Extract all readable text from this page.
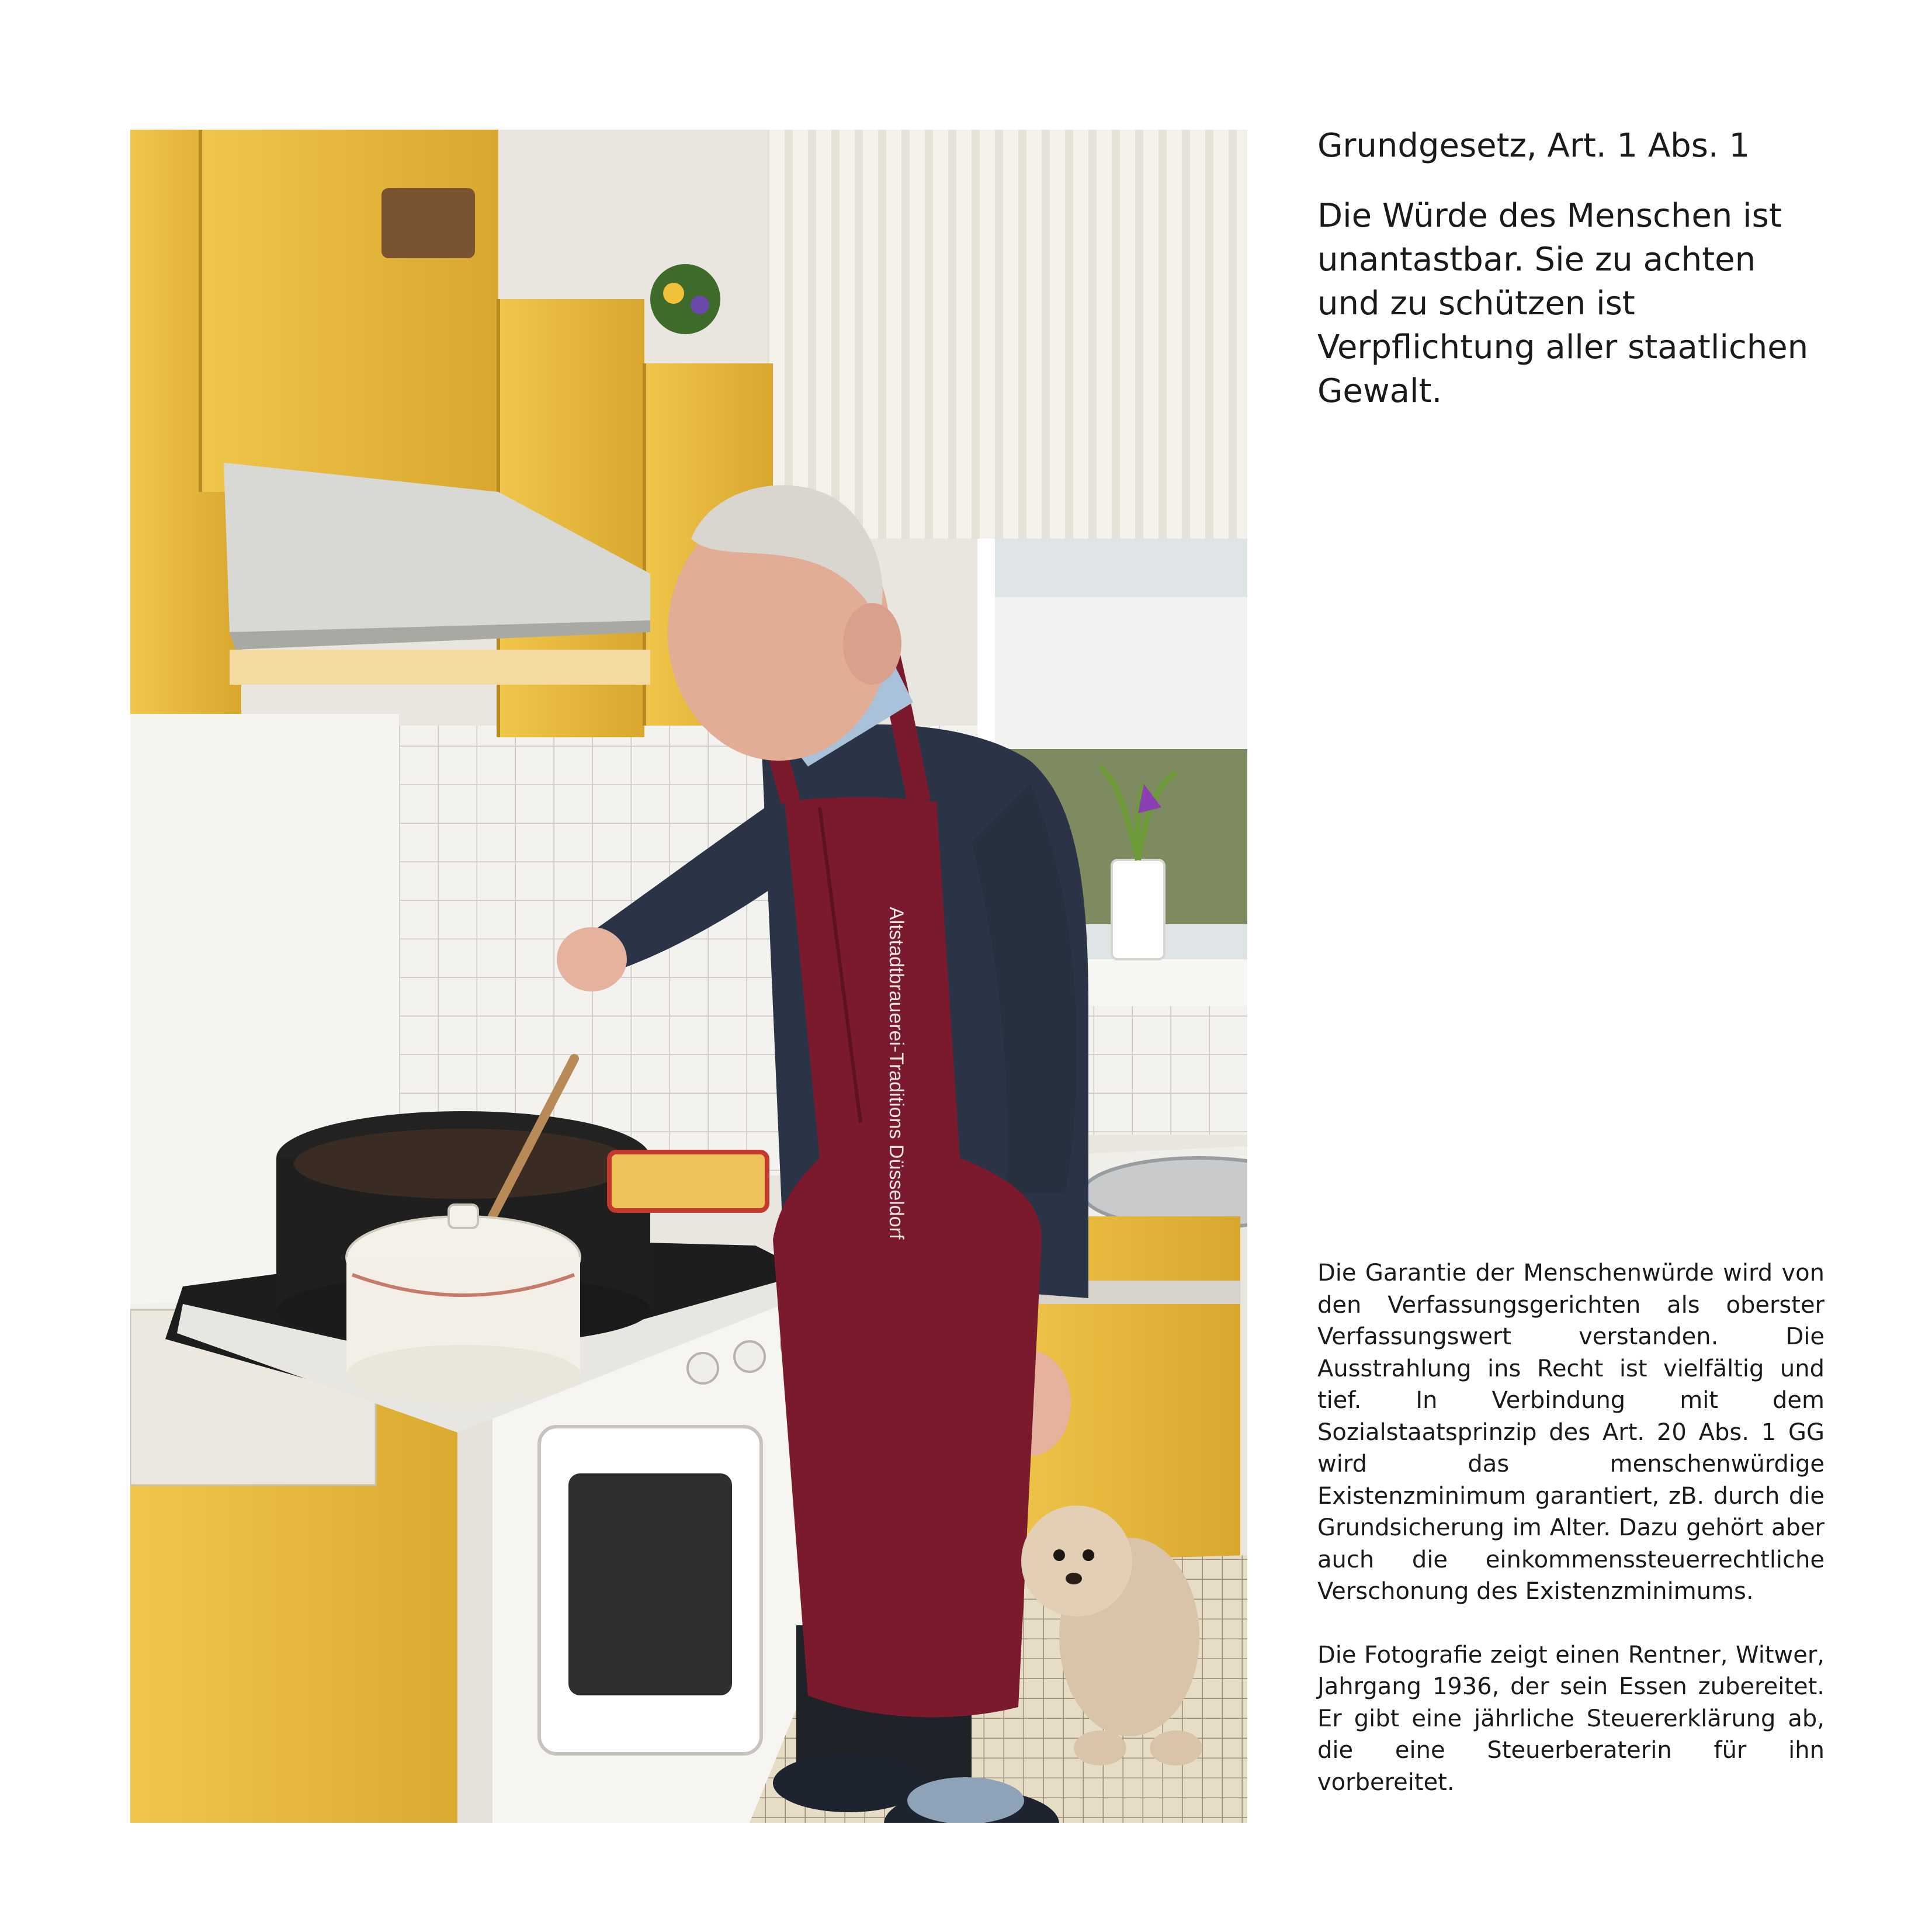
Altstadtbrauerei-Traditions Düsseldorf
Grundgesetz, Art. 1 Abs. 1

Die Würde des Menschen ist
unantastbar. Sie zu achten
und zu schützen ist
Verpflichtung aller staatlichen
Gewalt.

Die Garantie der Menschenwürde wird von den Verfassungsgerichten als oberster Verfassungswert verstanden. Die Ausstrahlung ins Recht ist vielfältig und tief. In Verbindung mit dem Sozialstaatsprinzip des Art. 20 Abs. 1 GG wird das menschenwürdige Existenzminimum garantiert, zB. durch die Grundsicherung im Alter. Dazu gehört aber auch die einkommenssteuerrechtliche Verschonung des Existenzminimums.

Die Fotografie zeigt einen Rentner, Witwer, Jahrgang 1936, der sein Essen zubereitet. Er gibt eine jährliche Steuererklärung ab, die eine Steuerberaterin für ihn vorbereitet.
